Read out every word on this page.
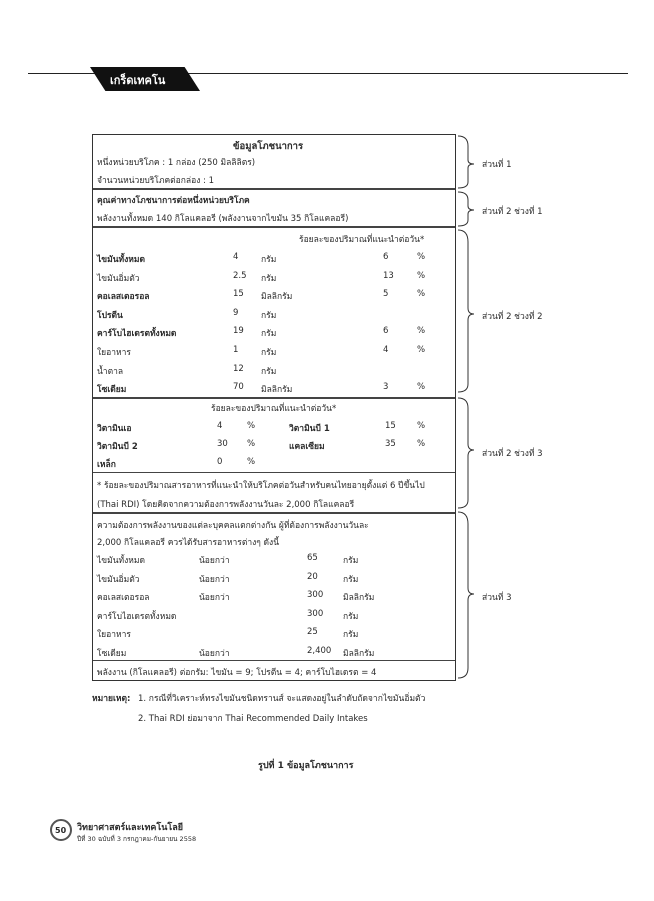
เกร็ดเทคโน
ข้อมูลโภชนาการ
หนึ่งหน่วยบริโภค : 1 กล่อง (250 มิลลิลิตร)
จำนวนหน่วยบริโภคต่อกล่อง : 1
คุณค่าทางโภชนาการต่อหนึ่งหน่วยบริโภค
พลังงานทั้งหมด 140 กิโลแคลอรี (พลังงานจากไขมัน 35 กิโลแคลอรี)
ร้อยละของปริมาณที่แนะนำต่อวัน*
ไขมันทั้งหมด	4	กรัม	6	%
ไขมันอิ่มตัว	2.5 กรัม	13	%
คอเลสเตอรอล	15 มิลลิกรัม	5	%
โปรตีน	9	กรัม
คาร์โบไฮเดรตทั้งหมด	19 กรัม	6	%
ใยอาหาร	1	กรัม	4	%
น้ำตาล	12 กรัม
โซเดียม	70 มิลลิกรัม	3	%
ร้อยละของปริมาณที่แนะนำต่อวัน*
วิตามินเอ	4	%	วิตามินบี 1	15 %
วิตามินบี 2	30 %	แคลเซียม	35 %
เหล็ก	0	%
* ร้อยละของปริมาณสารอาหารที่แนะนำให้บริโภคต่อวันสำหรับคนไทยอายุตั้งแต่ 6 ปีขึ้นไป
(Thai RDI) โดยคิดจากความต้องการพลังงานวันละ 2,000 กิโลแคลอรี
ความต้องการพลังงานของแต่ละบุคคลแตกต่างกัน ผู้ที่ต้องการพลังงานวันละ
2,000 กิโลแคลอรี ควรได้รับสารอาหารต่างๆ ดังนี้
ไขมันทั้งหมด	น้อยกว่า	65	กรัม
ไขมันอิ่มตัว	น้อยกว่า	20	กรัม
คอเลสเตอรอล	น้อยกว่า	300 มิลลิกรัม
คาร์โบไฮเดรตทั้งหมด	300 กรัม
ใยอาหาร	25	กรัม
โซเดียม	น้อยกว่า	2,400 มิลลิกรัม
พลังงาน (กิโลแคลอรี) ต่อกรัม: ไขมัน = 9; โปรตีน = 4; คาร์โบไฮเดรต = 4
ส่วนที่ 1
ส่วนที่ 2 ช่วงที่ 1
ส่วนที่ 2 ช่วงที่ 2
ส่วนที่ 2 ช่วงที่ 3
ส่วนที่ 3
หมายเหตุ: 1. กรณีที่วิเคราะห์ทรงไขมันชนิดทรานส์ จะแสดงอยู่ในลำดับถัดจากไขมันอิ่มตัว
2. Thai RDI ย่อมาจาก Thai Recommended Daily Intakes
รูปที่ 1 ข้อมูลโภชนาการ
50 วิทยาศาสตร์และเทคโนโลยี
ปีที่ 30 ฉบับที่ 3 กรกฎาคม-กันยายน 2558
